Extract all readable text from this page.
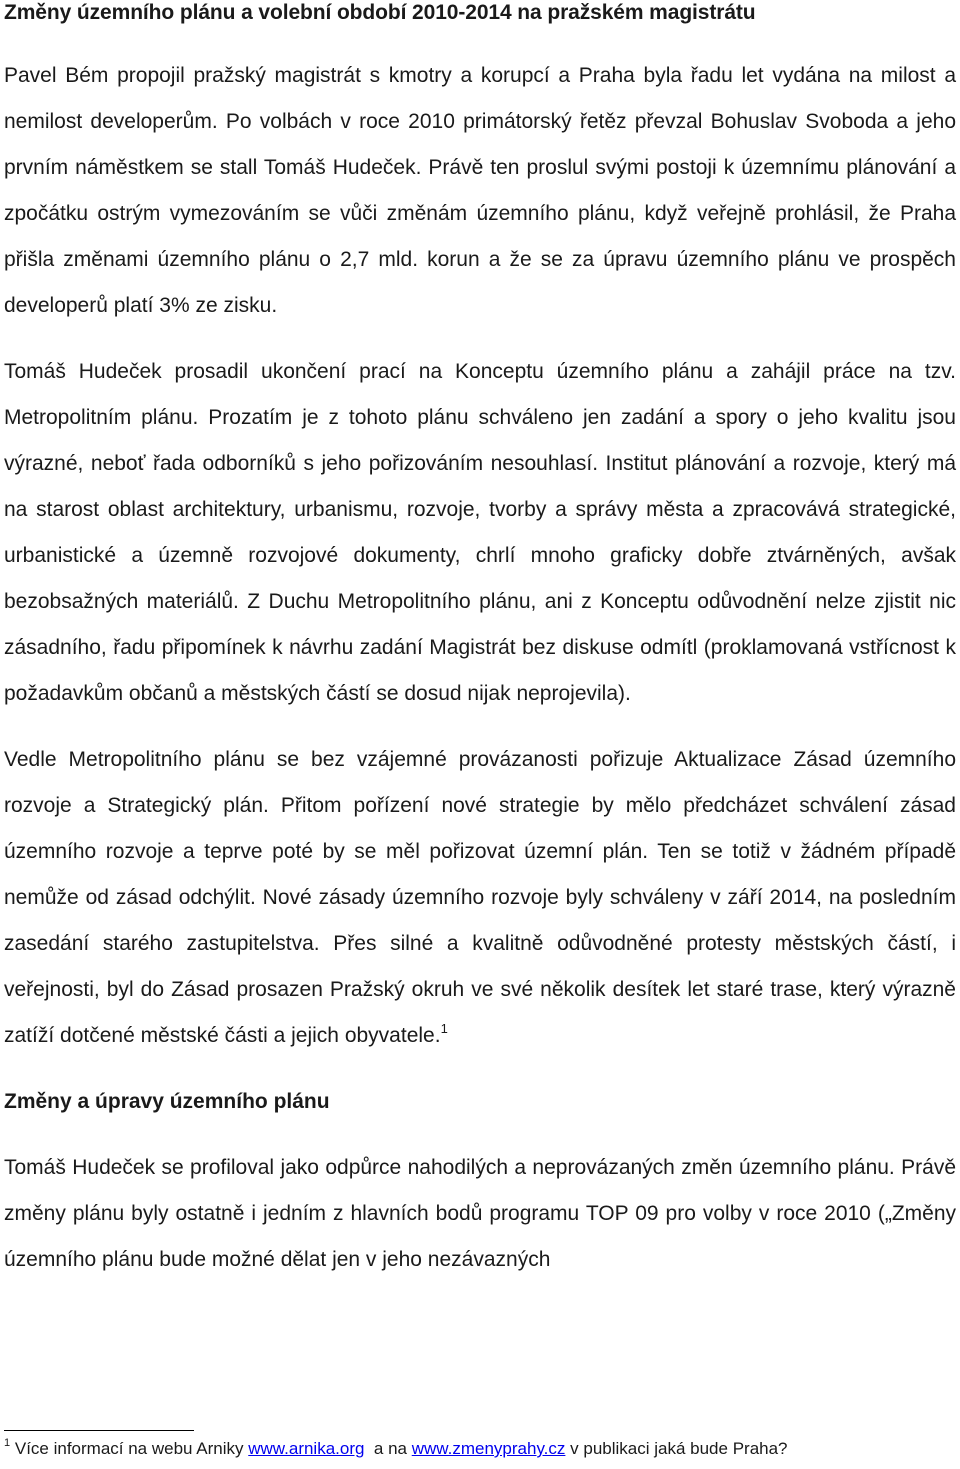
Změny územního plánu a volební období 2010-2014 na pražském magistrátu

Pavel Bém propojil pražský magistrát s kmotry a korupcí a Praha byla řadu let vydána na milost a nemilost developerům. Po volbách v roce 2010 primátorský řetěz převzal Bohuslav Svoboda a jeho prvním náměstkem se stall Tomáš Hudeček. Právě ten proslul svými postoji k územnímu plánování a zpočátku ostrým vymezováním se vůči změnám územního plánu, když veřejně prohlásil, že Praha přišla změnami územního plánu o 2,7 mld. korun a že se za úpravu územního plánu ve prospěch developerů platí 3% ze zisku.

Tomáš Hudeček prosadil ukončení prací na Konceptu územního plánu a zahájil práce na tzv. Metropolitním plánu. Prozatím je z tohoto plánu schváleno jen zadání a spory o jeho kvalitu jsou výrazné, neboť řada odborníků s jeho pořizováním nesouhlasí. Institut plánování a rozvoje, který má na starost oblast architektury, urbanismu, rozvoje, tvorby a správy města a zpracovává strategické, urbanistické a územně rozvojové dokumenty, chrlí mnoho graficky dobře ztvárněných, avšak bezobsažných materiálů. Z Duchu Metropolitního plánu, ani z Konceptu odůvodnění nelze zjistit nic zásadního, řadu připomínek k návrhu zadání Magistrát bez diskuse odmítl (proklamovaná vstřícnost k požadavkům občanů a městských částí se dosud nijak neprojevila).

Vedle Metropolitního plánu se bez vzájemné provázanosti pořizuje Aktualizace Zásad územního rozvoje a Strategický plán. Přitom pořízení nové strategie by mělo předcházet schválení zásad územního rozvoje a teprve poté by se měl pořizovat územní plán. Ten se totiž v žádném případě nemůže od zásad odchýlit. Nové zásady územního rozvoje byly schváleny v září 2014, na posledním zasedání starého zastupitelstva. Přes silné a kvalitně odůvodněné protesty městských částí, i veřejnosti, byl do Zásad prosazen Pražský okruh ve své několik desítek let staré trase, který výrazně zatíží dotčené městské části a jejich obyvatele.$^1$

Změny a úpravy územního plánu

Tomáš Hudeček se profiloval jako odpůrce nahodilých a neprovázaných změn územního plánu. Právě změny plánu byly ostatně i jedním z hlavních bodů programu TOP 09 pro volby v roce 2010 („Změny územního plánu bude možné dělat jen v jeho nezávazných

$^1$ Více informací na webu Arniky www.arnika.org  a na www.zmenyprahy.cz v publikaci jaká bude Praha?
